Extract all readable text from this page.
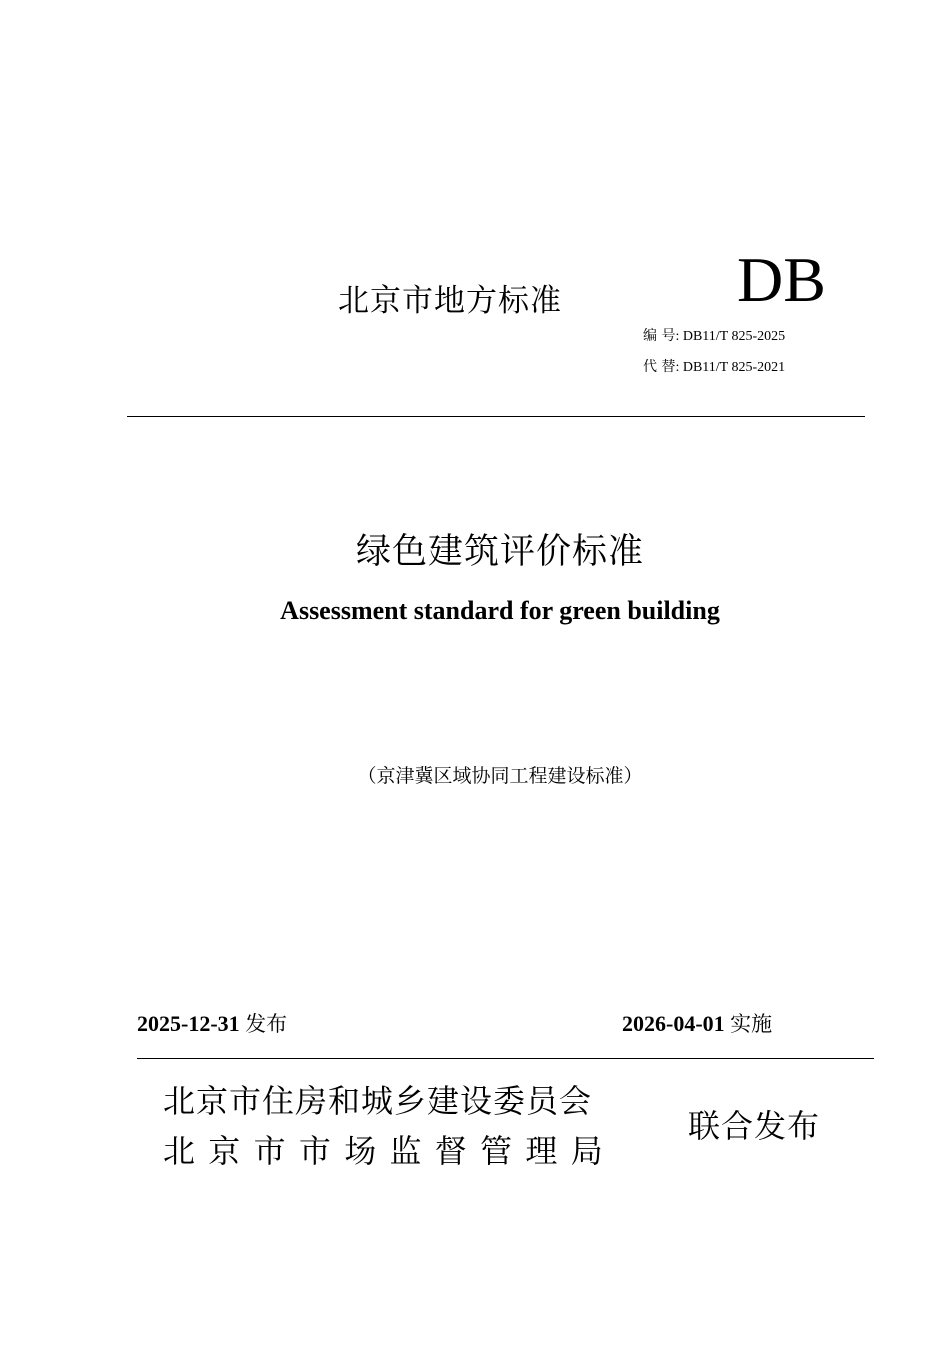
北京市地方标准	DB
编 号: DB11/T 825-2025
代 替: DB11/T 825-2021
绿色建筑评价标准
Assessment standard for green building
（京津冀区域协同工程建设标准）
2025-12-31 发布	2026-04-01 实施
北京市住房和城乡建设委员会
北京市市场监督管理局
联合发布
